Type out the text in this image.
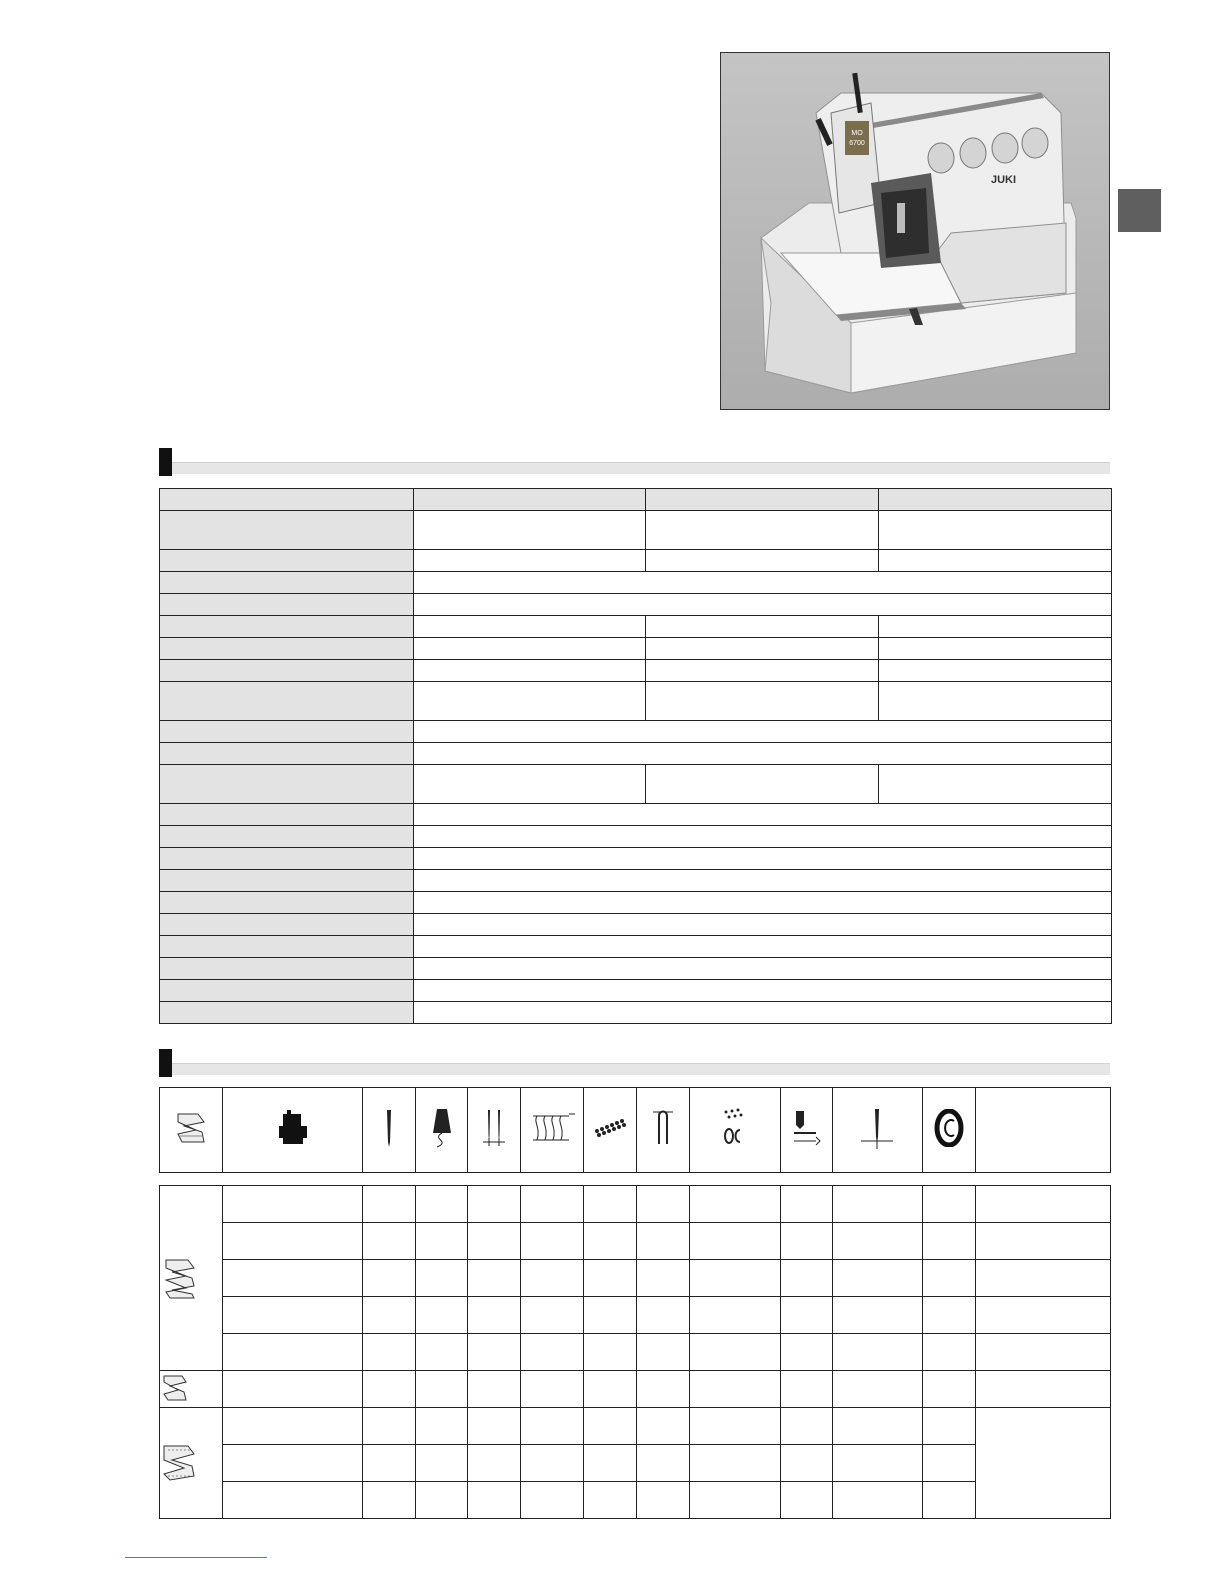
MO
6700
JUKI
